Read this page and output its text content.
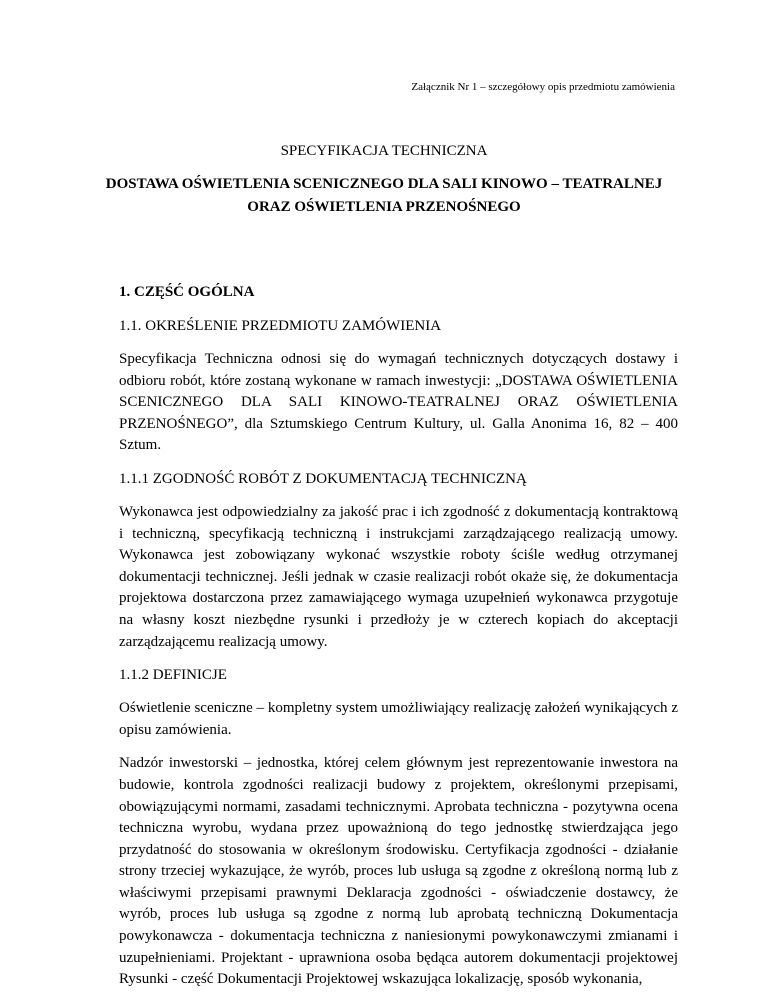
Załącznik Nr 1 – szczegółowy opis przedmiotu zamówienia
SPECYFIKACJA TECHNICZNA
DOSTAWA OŚWIETLENIA SCENICZNEGO DLA SALI KINOWO – TEATRALNEJ
ORAZ OŚWIETLENIA PRZENOŚNEGO
1. CZĘŚĆ OGÓLNA
1.1. OKREŚLENIE PRZEDMIOTU ZAMÓWIENIA

Specyfikacja Techniczna odnosi się do wymagań technicznych dotyczących dostawy i odbioru robót, które zostaną wykonane w ramach inwestycji: „DOSTAWA OŚWIETLENIA SCENICZNEGO DLA SALI KINOWO-TEATRALNEJ ORAZ OŚWIETLENIA PRZENOŚNEGO”, dla Sztumskiego Centrum Kultury, ul. Galla Anonima 16, 82 – 400 Sztum.

1.1.1 ZGODNOŚĆ ROBÓT Z DOKUMENTACJĄ TECHNICZNĄ

Wykonawca jest odpowiedzialny za jakość prac i ich zgodność z dokumentacją kontraktową i techniczną, specyfikacją techniczną i instrukcjami zarządzającego realizacją umowy. Wykonawca jest zobowiązany wykonać wszystkie roboty ściśle według otrzymanej dokumentacji technicznej. Jeśli jednak w czasie realizacji robót okaże się, że dokumentacja projektowa dostarczona przez zamawiającego wymaga uzupełnień wykonawca przygotuje na własny koszt niezbędne rysunki i przedłoży je w czterech kopiach do akceptacji zarządzającemu realizacją umowy.

1.1.2 DEFINICJE

Oświetlenie sceniczne – kompletny system umożliwiający realizację założeń wynikających z opisu zamówienia.

Nadzór inwestorski – jednostka, której celem głównym jest reprezentowanie inwestora na budowie, kontrola zgodności realizacji budowy z projektem, określonymi przepisami, obowiązującymi normami, zasadami technicznymi. Aprobata techniczna - pozytywna ocena techniczna wyrobu, wydana przez upoważnioną do tego jednostkę stwierdzająca jego przydatność do stosowania w określonym środowisku. Certyfikacja zgodności - działanie strony trzeciej wykazujące, że wyrób, proces lub usługa są zgodne z określoną normą lub z właściwymi przepisami prawnymi Deklaracja zgodności - oświadczenie dostawcy, że wyrób, proces lub usługa są zgodne z normą lub aprobatą techniczną Dokumentacja powykonawcza - dokumentacja techniczna z naniesionymi powykonawczymi zmianami i uzupełnieniami. Projektant - uprawniona osoba będąca autorem dokumentacji projektowej Rysunki - część Dokumentacji Projektowej wskazująca lokalizację, sposób wykonania,
